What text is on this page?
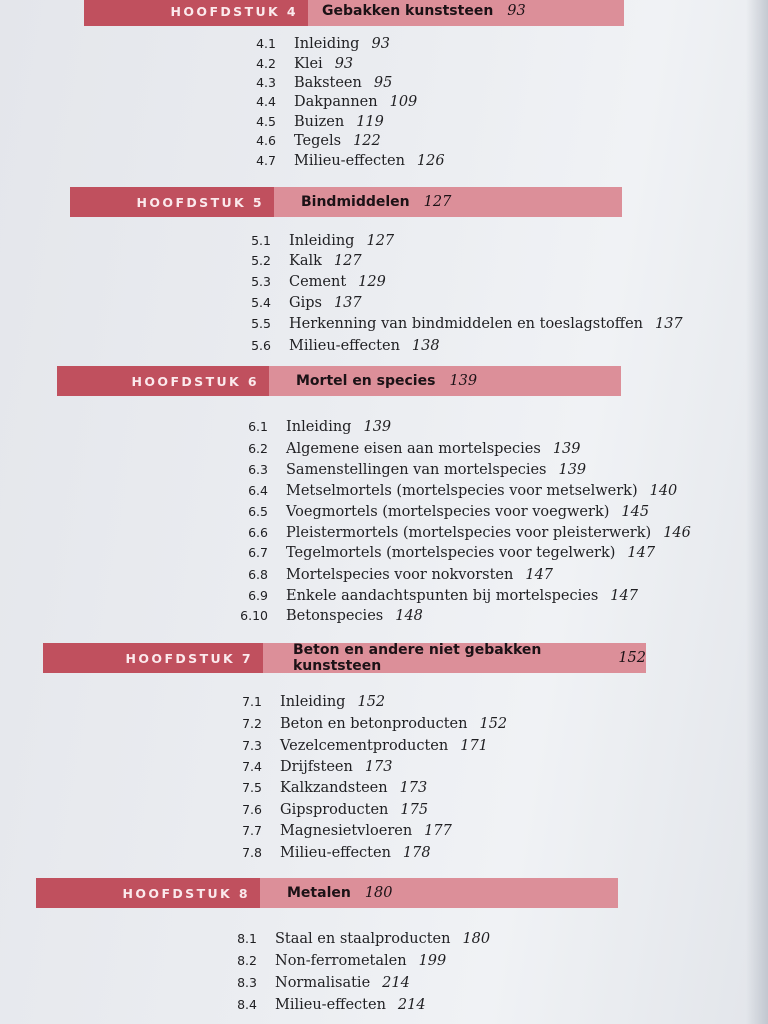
HOOFDSTUK 4	Gebakken kunststeen 93
4.1 Inleiding 93
4.2 Klei 93
4.3 Baksteen 95
4.4 Dakpannen 109
4.5 Buizen 119
4.6 Tegels 122
4.7 Milieu-effecten 126
HOOFDSTUK 5	Bindmiddelen 127
5.1 Inleiding 127
5.2 Kalk 127
5.3 Cement 129
5.4 Gips 137
5.5 Herkenning van bindmiddelen en toeslagstoffen 137
5.6 Milieu-effecten 138
HOOFDSTUK 6	Mortel en species 139
6.1 Inleiding 139
6.2 Algemene eisen aan mortelspecies 139
6.3 Samenstellingen van mortelspecies 139
6.4 Metselmortels (mortelspecies voor metselwerk) 140
6.5 Voegmortels (mortelspecies voor voegwerk) 145
6.6 Pleistermortels (mortelspecies voor pleisterwerk) 146
6.7 Tegelmortels (mortelspecies voor tegelwerk) 147
6.8 Mortelspecies voor nokvorsten 147
6.9 Enkele aandachtspunten bij mortelspecies 147
6.10 Betonspecies 148
HOOFDSTUK 7	Beton en andere niet gebakken kunststeen	152
7.1 Inleiding 152
7.2 Beton en betonproducten 152
7.3 Vezelcementproducten 171
7.4 Drijfsteen 173
7.5 Kalkzandsteen 173
7.6 Gipsproducten 175
7.7 Magnesietvloeren 177
7.8 Milieu-effecten 178
HOOFDSTUK 8	Metalen 180
8.1 Staal en staalproducten 180
8.2 Non-ferrometalen 199
8.3 Normalisatie 214
8.4 Milieu-effecten 214
